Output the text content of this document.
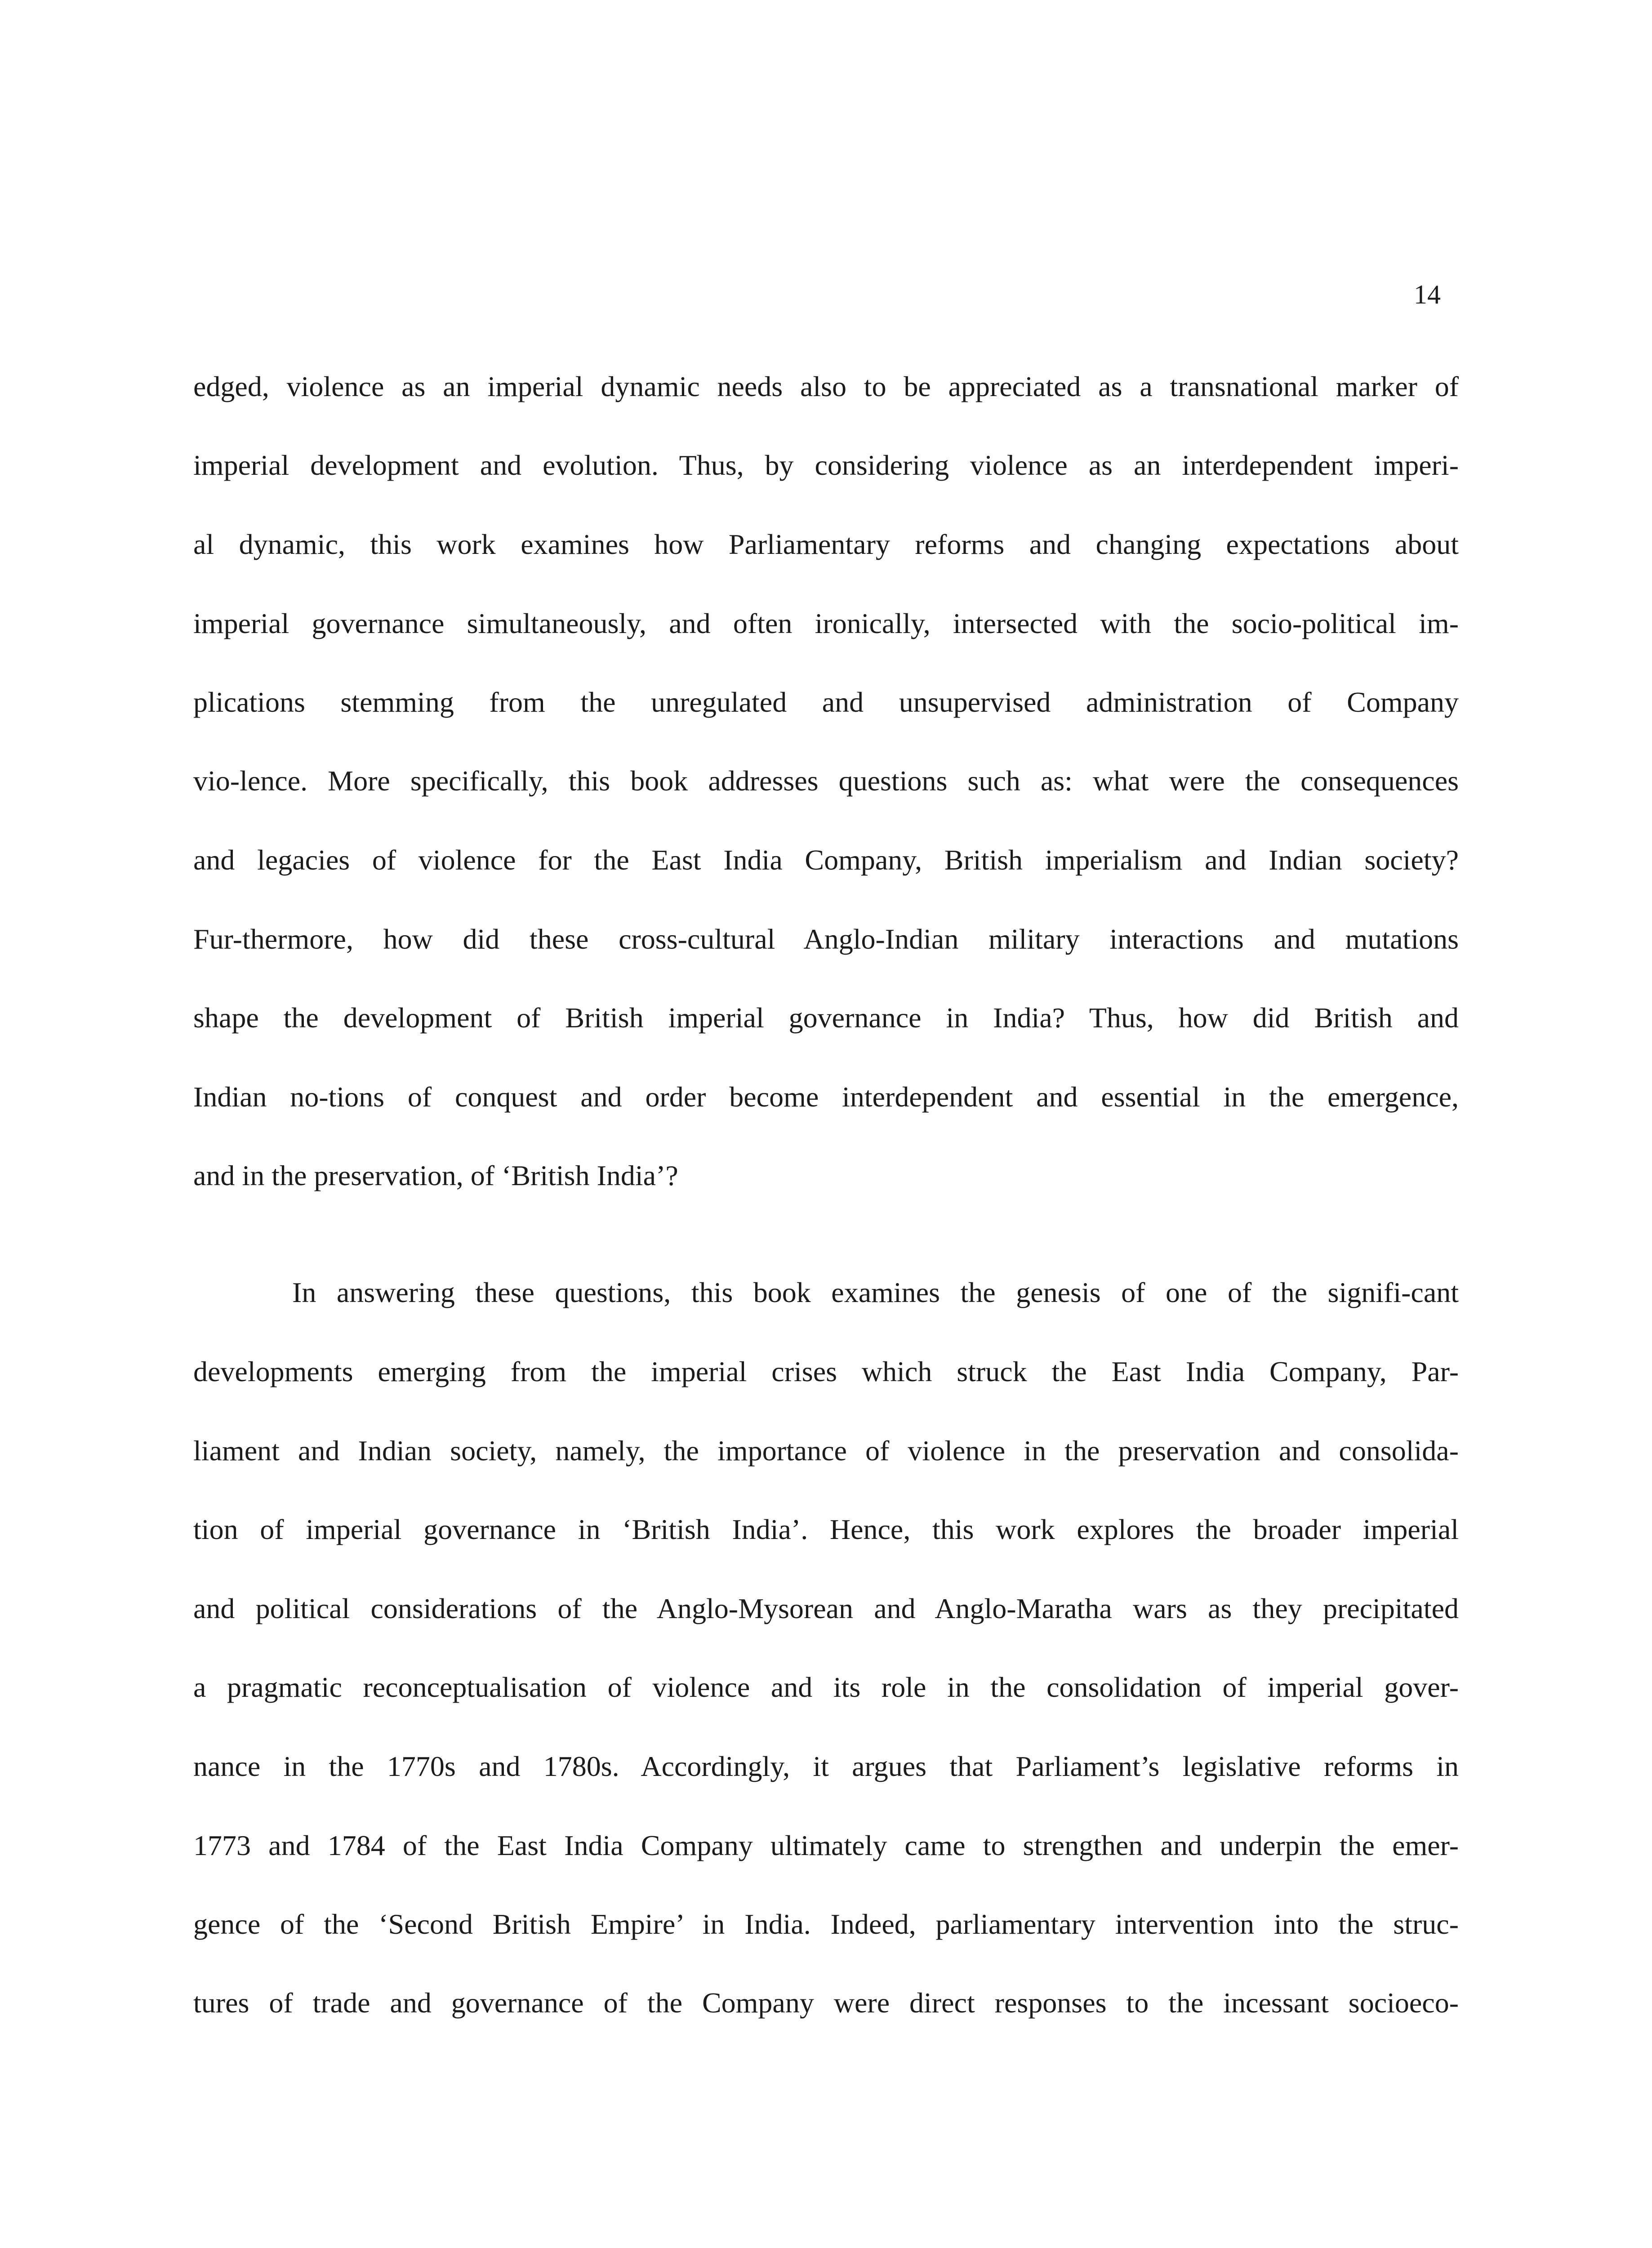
14
edged, violence as an imperial dynamic needs also to be appreciated as a transnational marker of
imperial development and evolution. Thus, by considering violence as an interdependent imperi-
al dynamic, this work examines how Parliamentary reforms and changing expectations about
imperial governance simultaneously, and often ironically, intersected with the socio-political im-
plications stemming from the unregulated and unsupervised administration of Company
vio-lence. More specifically, this book addresses questions such as: what were the consequences
and legacies of violence for the East India Company, British imperialism and Indian society?
Fur-thermore, how did these cross-cultural Anglo-Indian military interactions and mutations
shape the development of British imperial governance in India? Thus, how did British and
Indian no-tions of conquest and order become interdependent and essential in the emergence,
and in the preservation, of ‘British India’?
In answering these questions, this book examines the genesis of one of the signifi-cant
developments emerging from the imperial crises which struck the East India Company, Par-
liament and Indian society, namely, the importance of violence in the preservation and consolida-
tion of imperial governance in ‘British India’. Hence, this work explores the broader imperial
and political considerations of the Anglo-Mysorean and Anglo-Maratha wars as they precipitated
a pragmatic reconceptualisation of violence and its role in the consolidation of imperial gover-
nance in the 1770s and 1780s. Accordingly, it argues that Parliament’s legislative reforms in
1773 and 1784 of the East India Company ultimately came to strengthen and underpin the emer-
gence of the ‘Second British Empire’ in India. Indeed, parliamentary intervention into the struc-
tures of trade and governance of the Company were direct responses to the incessant socioeco-
